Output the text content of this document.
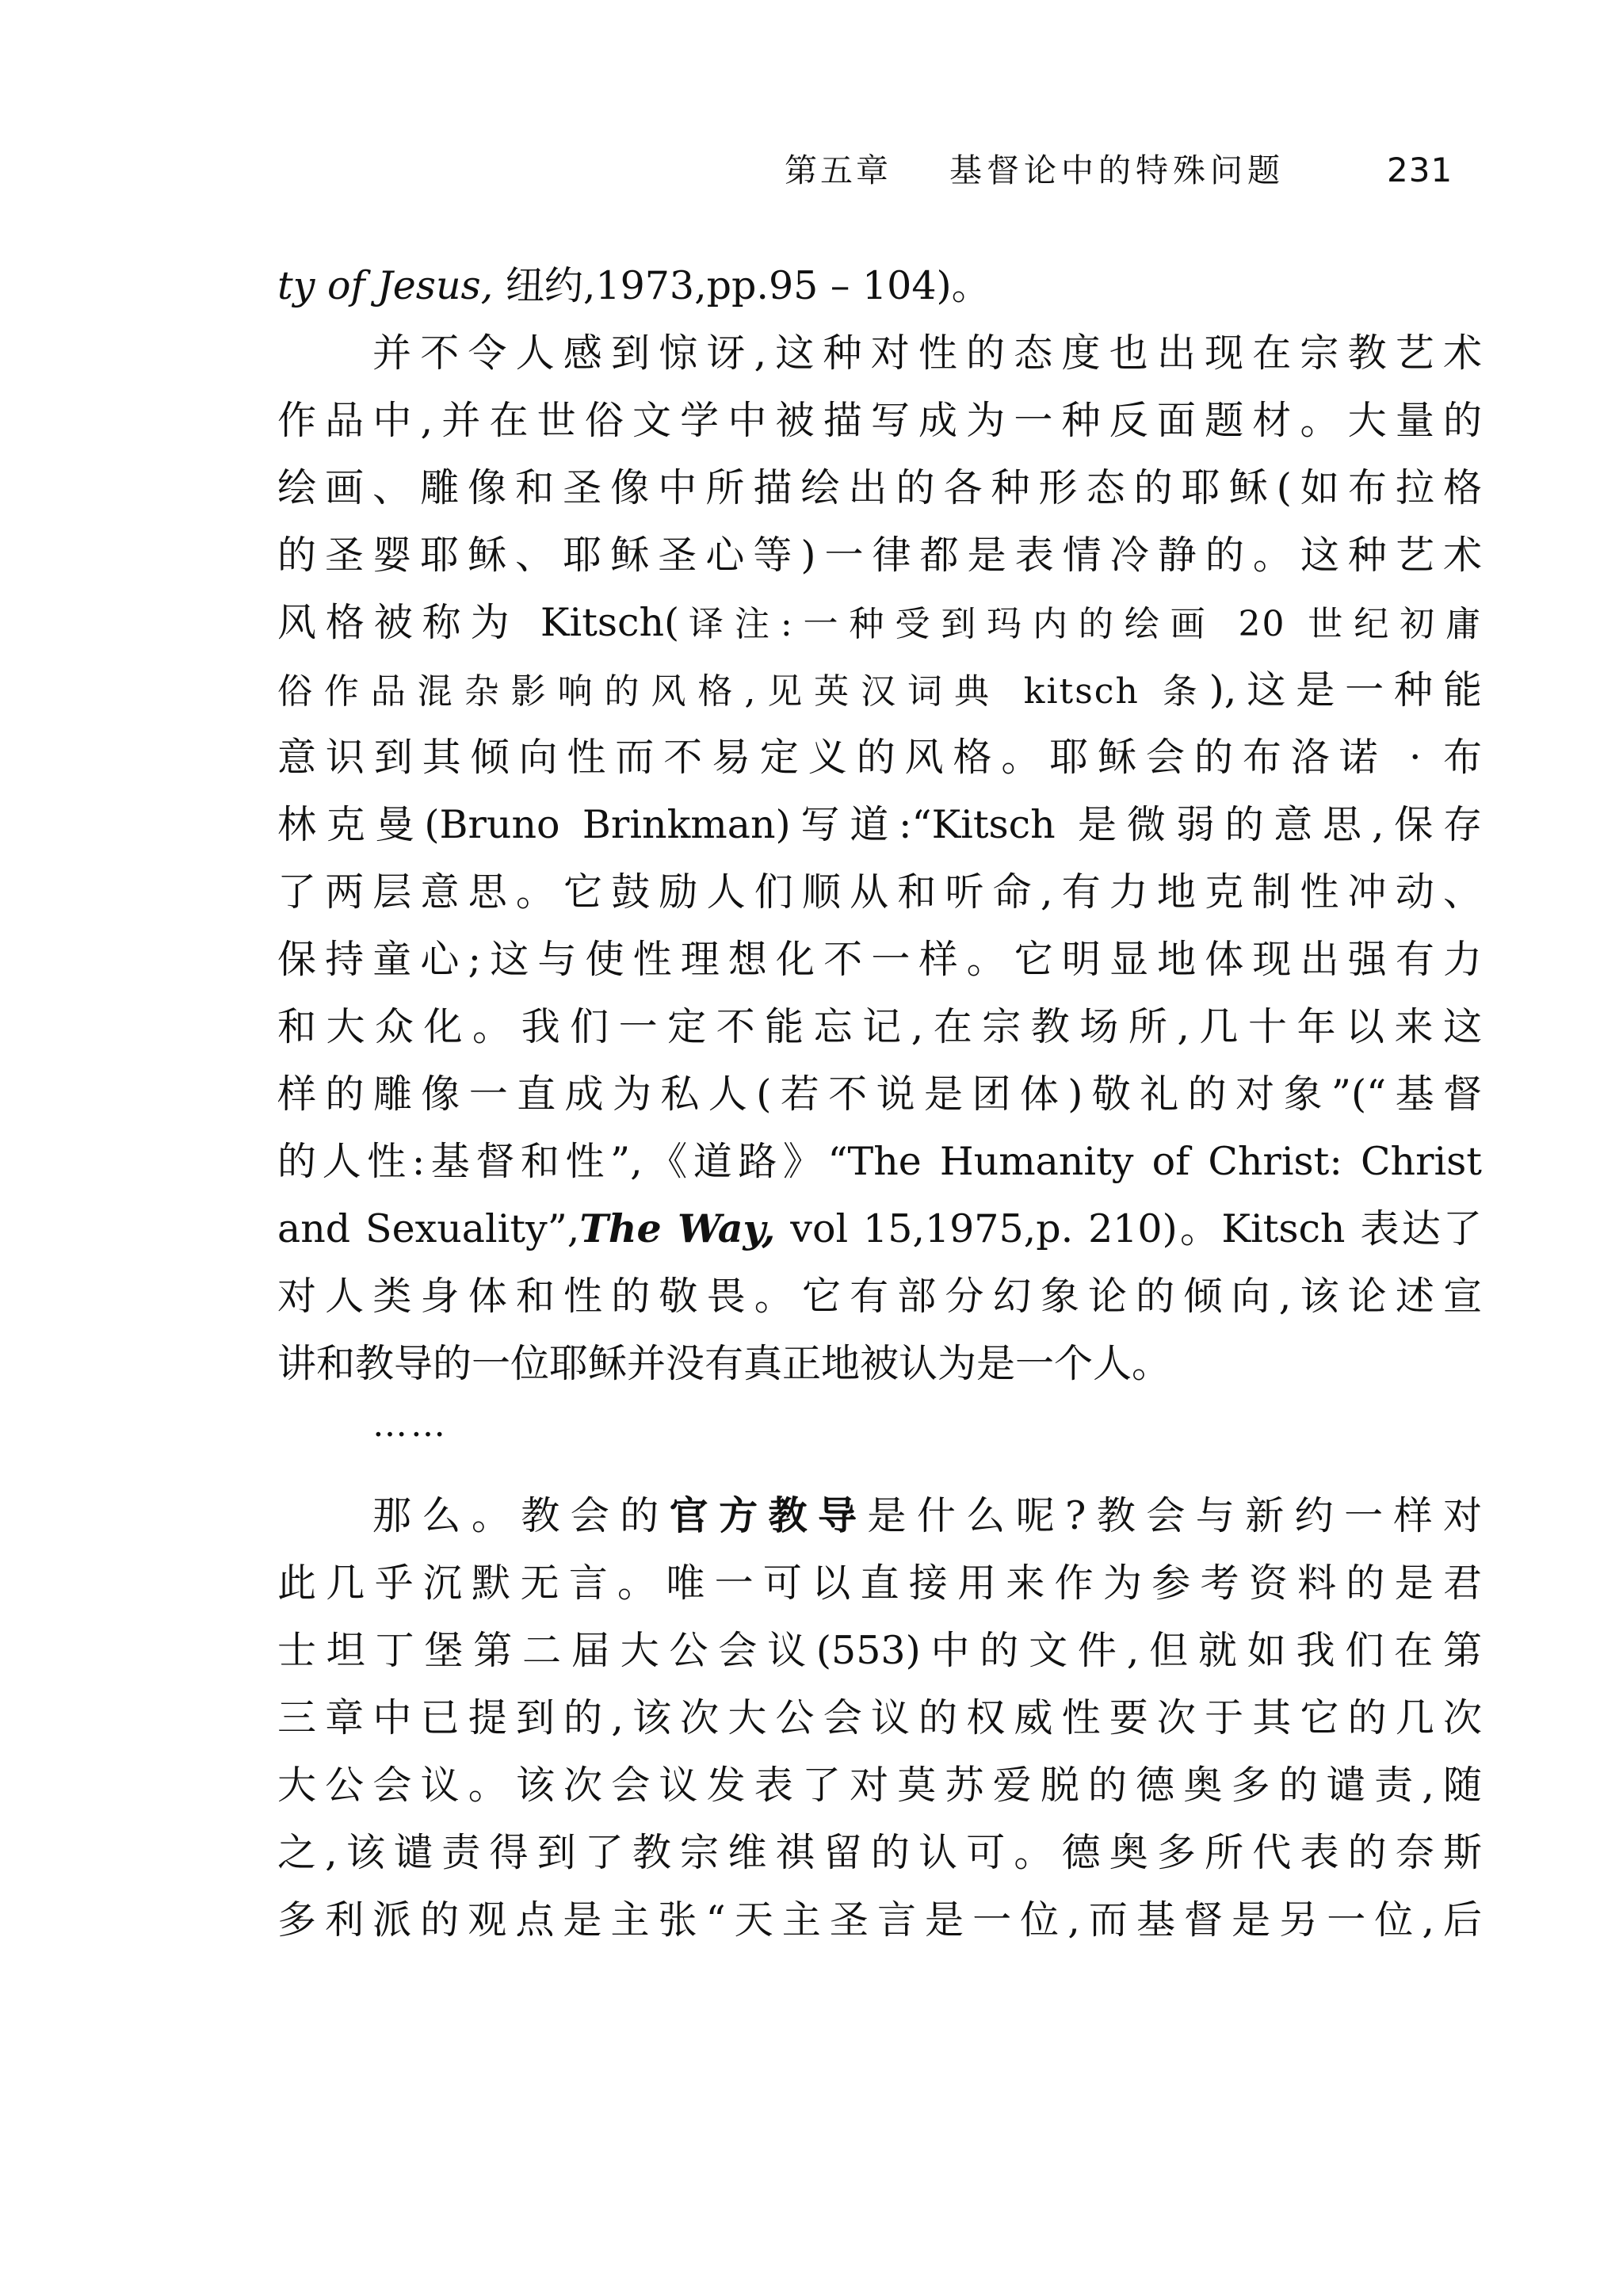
第五章 基督论中的特殊问题	231
ty of Jesus, 纽约,1973,pp.95 – 104)。
并不令人感到惊讶,这种对性的态度也出现在宗教艺术
作品中,并在世俗文学中被描写成为一种反面题材。大量的
绘画、雕像和圣像中所描绘出的各种形态的耶稣(如布拉格
的圣婴耶稣、耶稣圣心等)一律都是表情冷静的。这种艺术
风格被称为 Kitsch(译注:一种受到玛内的绘画 20 世纪初庸
俗作品混杂影响的风格,见英汉词典 kitsch 条),这是一种能
意识到其倾向性而不易定义的风格。耶稣会的布洛诺 · 布
林克曼(Bruno Brinkman)写道:“Kitsch 是微弱的意思,保存
了两层意思。它鼓励人们顺从和听命,有力地克制性冲动、
保持童心;这与使性理想化不一样。它明显地体现出强有力
和大众化。我们一定不能忘记,在宗教场所,几十年以来这
样的雕像一直成为私人(若不说是团体)敬礼的对象”(“基督
的人性:基督和性”,《道路》“The Humanity of Christ: Christ
and Sexuality”,The Way, vol 15,1975,p. 210)。Kitsch 表达了
对人类身体和性的敬畏。它有部分幻象论的倾向,该论述宣
讲和教导的一位耶稣并没有真正地被认为是一个人。
……
那么。教会的官方教导是什么呢?教会与新约一样对
此几乎沉默无言。唯一可以直接用来作为参考资料的是君
士坦丁堡第二届大公会议(553)中的文件,但就如我们在第
三章中已提到的,该次大公会议的权威性要次于其它的几次
大公会议。该次会议发表了对莫苏爱脱的德奥多的谴责,随
之,该谴责得到了教宗维祺留的认可。德奥多所代表的奈斯
多利派的观点是主张“天主圣言是一位,而基督是另一位,后
